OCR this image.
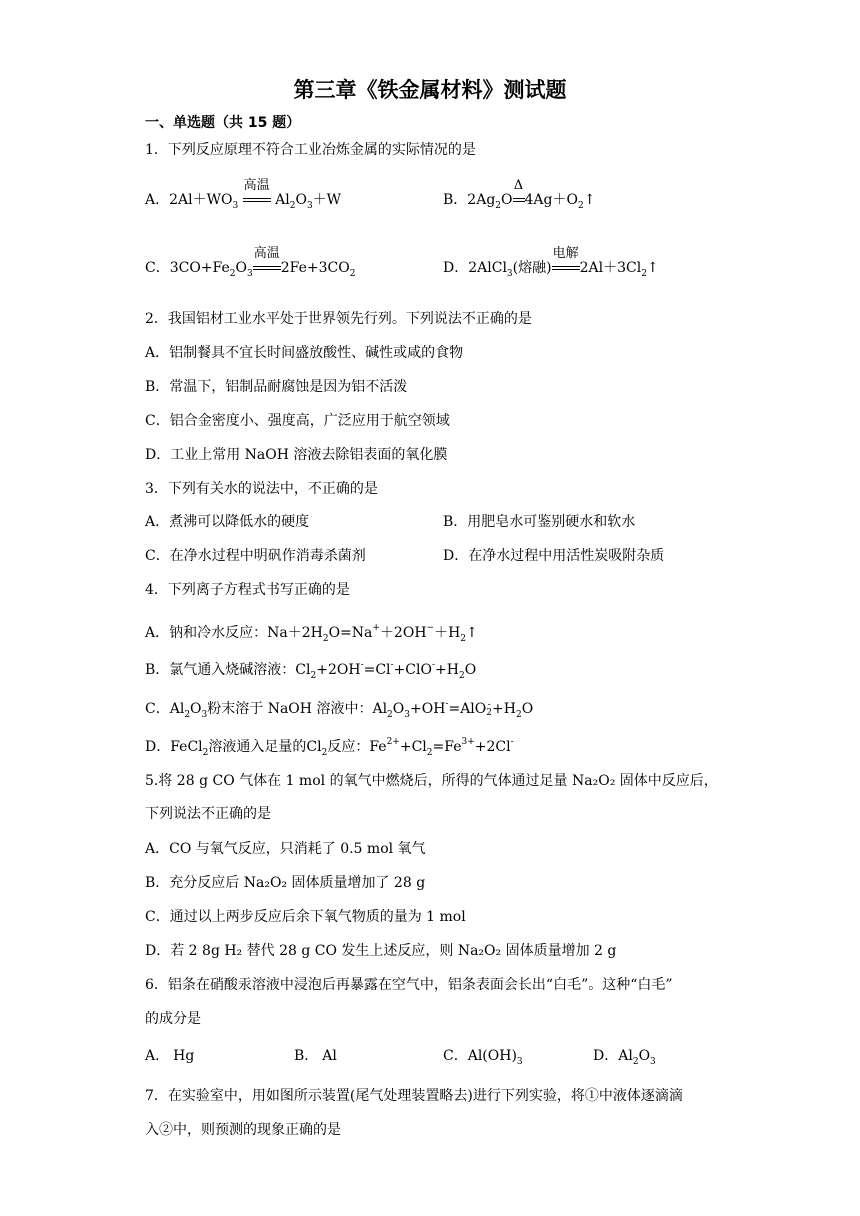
第三章《铁金属材料》测试题
一、单选题（共 15 题）
1．下列反应原理不符合工业冶炼金属的实际情况的是
A．$2Al+WO_3$
高温
$Al_2O_3+W$	B．$2Ag_2O$
Δ
$4Ag+O_2↑$
C．$3CO+Fe_2O_3$
高温
$2Fe+3CO_2$	D．2AlCl$_3$(熔融)
电解
$2Al+3Cl_2↑$
2．我国铝材工业水平处于世界领先行列。下列说法不正确的是
A．铝制餐具不宜长时间盛放酸性、碱性或咸的食物
B．常温下，铝制品耐腐蚀是因为铝不活泼
C．铝合金密度小、强度高，广泛应用于航空领域
D．工业上常用 NaOH 溶液去除铝表面的氧化膜
3．下列有关水的说法中，不正确的是
A．煮沸可以降低水的硬度	B．用肥皂水可鉴别硬水和软水
C．在净水过程中明矾作消毒杀菌剂	D．在净水过程中用活性炭吸附杂质
4．下列离子方程式书写正确的是
A．钠和冷水反应：$Na+2H_2O=Na^++2OH^-+H_2↑$
B．氯气通入烧碱溶液：$Cl_2+2OH^-=Cl^-+ClO^-+H_2O$
C．$Al_2O_3$粉末溶于 NaOH 溶液中：$Al_2O_3+OH^-=AlO$ -
$2 +H_2O$
D．FeCl$_2$溶液通入足量的$Cl_2$反应：$Fe^{2+}+Cl_2=Fe^{3+}+2Cl^-$
5.将 28 g CO 气体在 1 mol 的氧气中燃烧后，所得的气体通过足量 Na₂O₂ 固体中反应后，
下列说法不正确的是
A．CO 与氧气反应，只消耗了 0.5 mol 氧气
B．充分反应后 Na₂O₂ 固体质量增加了 28 g
C．通过以上两步反应后余下氧气物质的量为 1 mol
D．若 2 8g H₂ 替代 28 g CO 发生上述反应，则 Na₂O₂ 固体质量增加 2 g
6．铝条在硝酸汞溶液中浸泡后再暴露在空气中，铝条表面会长出“白毛”。这种“白毛”
的成分是
A． Hg	B． Al	C．$Al(OH)_3$	D．$Al_2O_3$
7．在实验室中，用如图所示装置(尾气处理装置略去)进行下列实验，将①中液体逐滴滴
入②中，则预测的现象正确的是
